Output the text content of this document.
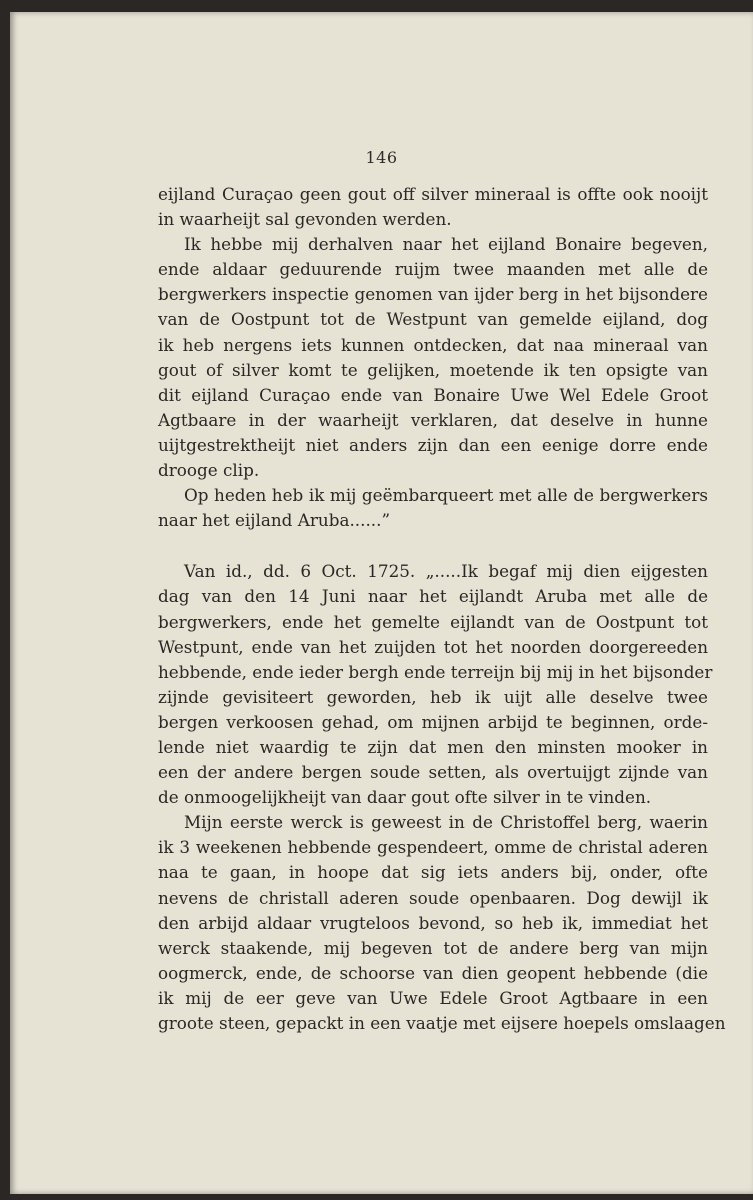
146
eijland Curaçao geen gout off silver mineraal is offte ook nooijt
in waarheijt sal gevonden werden.
Ik hebbe mij derhalven naar het eijland Bonaire begeven,
ende aldaar geduurende ruijm twee maanden met alle de
bergwerkers inspectie genomen van ijder berg in het bijsondere
van de Oostpunt tot de Westpunt van gemelde eijland, dog
ik heb nergens iets kunnen ontdecken, dat naa mineraal van
gout of silver komt te gelijken, moetende ik ten opsigte van
dit eijland Curaçao ende van Bonaire Uwe Wel Edele Groot
Agtbaare in der waarheijt verklaren, dat deselve in hunne
uijtgestrektheijt niet anders zijn dan een eenige dorre ende
drooge clip.
Op heden heb ik mij geëmbarqueert met alle de bergwerkers
naar het eijland Aruba......”
Van id., dd. 6 Oct. 1725. „.....Ik begaf mij dien eijgesten
dag van den 14 Juni naar het eijlandt Aruba met alle de
bergwerkers, ende het gemelte eijlandt van de Oostpunt tot
Westpunt, ende van het zuijden tot het noorden doorgereeden
hebbende, ende ieder bergh ende terreijn bij mij in het bijsonder
zijnde gevisiteert geworden, heb ik uijt alle deselve twee
bergen verkoosen gehad, om mijnen arbijd te beginnen, orde-
lende niet waardig te zijn dat men den minsten mooker in
een der andere bergen soude setten, als overtuijgt zijnde van
de onmoogelijkheijt van daar gout ofte silver in te vinden.
Mijn eerste werck is geweest in de Christoffel berg, waerin
ik 3 weekenen hebbende gespendeert, omme de christal aderen
naa te gaan, in hoope dat sig iets anders bij, onder, ofte
nevens de christall aderen soude openbaaren. Dog dewijl ik
den arbijd aldaar vrugteloos bevond, so heb ik, immediat het
werck staakende, mij begeven tot de andere berg van mijn
oogmerck, ende, de schoorse van dien geopent hebbende (die
ik mij de eer geve van Uwe Edele Groot Agtbaare in een
groote steen, gepackt in een vaatje met eijsere hoepels omslaagen
